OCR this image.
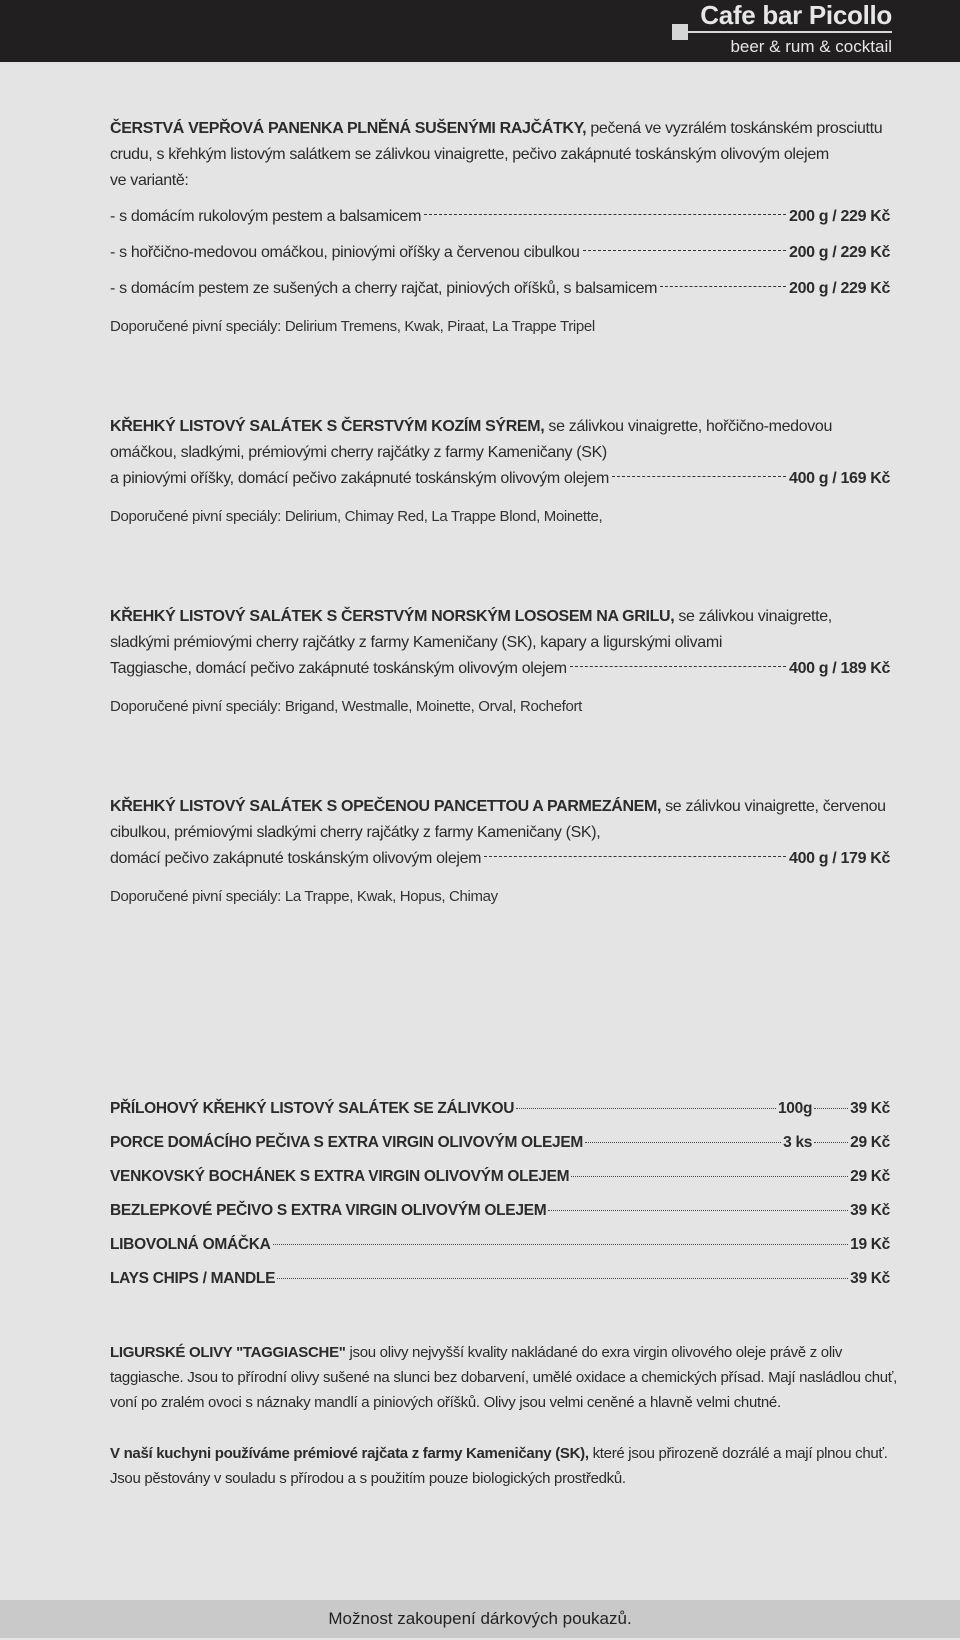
Cafe bar Picollo
beer & rum & cocktail
ČERSTVÁ VEPŘOVÁ PANENKA PLNĚNÁ SUŠENÝMI RAJČÁTKY, pečená ve vyzrálém toskánském prosciuttu crudu, s křehkým listovým salátkem se zálivkou vinaigrette, pečivo zakápnuté toskánským olivovým olejem
ve variantě:
- s domácím rukolovým pestem a balsamicem	200 g / 229 Kč
- s hořčično-medovou omáčkou, piniovými oříšky a červenou cibulkou	200 g / 229 Kč
- s domácím pestem ze sušených a cherry rajčat, piniových oříšků, s balsamicem	200 g / 229 Kč
Doporučené pivní speciály: Delirium Tremens, Kwak, Piraat, La Trappe Tripel
KŘEHKÝ LISTOVÝ SALÁTEK S ČERSTVÝM KOZÍM SÝREM, se zálivkou vinaigrette, hořčično-medovou omáčkou, sladkými, prémiovými cherry rajčátky z farmy Kameničany (SK)
a piniovými oříšky, domácí pečivo zakápnuté toskánským olivovým olejem	400 g / 169 Kč
Doporučené pivní speciály: Delirium, Chimay Red, La Trappe Blond, Moinette,
KŘEHKÝ LISTOVÝ SALÁTEK S ČERSTVÝM NORSKÝM LOSOSEM NA GRILU, se zálivkou vinaigrette, sladkými prémiovými cherry rajčátky z farmy Kameničany (SK), kapary a ligurskými olivami
Taggiasche, domácí pečivo zakápnuté toskánským olivovým olejem	400 g / 189 Kč
Doporučené pivní speciály: Brigand, Westmalle, Moinette, Orval, Rochefort
KŘEHKÝ LISTOVÝ SALÁTEK S OPEČENOU PANCETTOU A PARMEZÁNEM, se zálivkou vinaigrette, červenou cibulkou, prémiovými sladkými cherry rajčátky z farmy Kameničany (SK),
domácí pečivo zakápnuté toskánským olivovým olejem	400 g / 179 Kč
Doporučené pivní speciály: La Trappe, Kwak, Hopus, Chimay
PŘÍLOHOVÝ KŘEHKÝ LISTOVÝ SALÁTEK SE ZÁLIVKOU	100g 39 Kč
PORCE DOMÁCÍHO PEČIVA S EXTRA VIRGIN OLIVOVÝM OLEJEM	3 ks 29 Kč
VENKOVSKÝ BOCHÁNEK S EXTRA VIRGIN OLIVOVÝM OLEJEM	29 Kč
BEZLEPKOVÉ PEČIVO S EXTRA VIRGIN OLIVOVÝM OLEJEM	39 Kč
LIBOVOLNÁ OMÁČKA	19 Kč
LAYS CHIPS / MANDLE	39 Kč

LIGURSKÉ OLIVY "TAGGIASCHE" jsou olivy nejvyšší kvality nakládané do exra virgin olivového oleje právě z oliv taggiasche. Jsou to přírodní olivy sušené na slunci bez dobarvení, umělé oxidace a chemických přísad. Mají nasládlou chuť, voní po zralém ovoci s náznaky mandlí a piniových oříšků. Olivy jsou velmi ceněné a hlavně velmi chutné.

V naší kuchyni používáme prémiové rajčata z farmy Kameničany (SK), které jsou přirozeně dozrálé a mají plnou chuť. Jsou pěstovány v souladu s přírodou a s použitím pouze biologických prostředků.

Možnost zakoupení dárkových poukazů.
